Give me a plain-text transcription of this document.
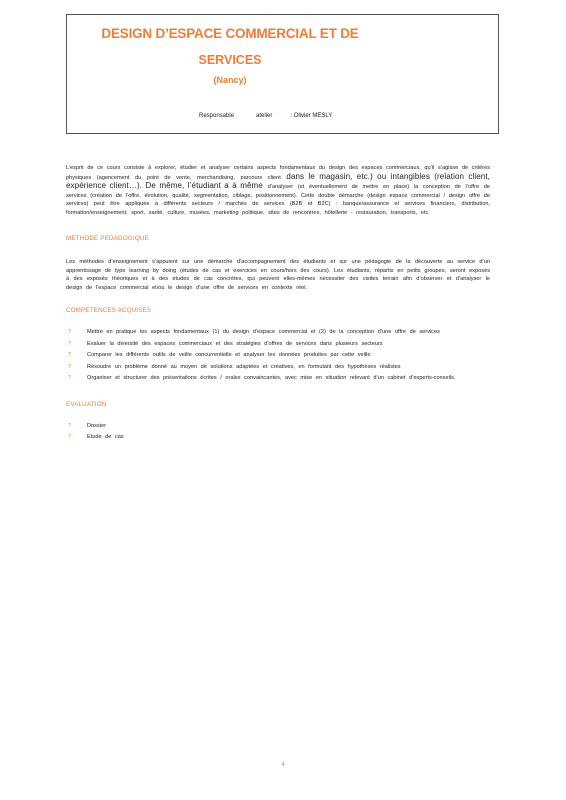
DESIGN D’ESPACE COMMERCIAL ET DE
SERVICES
(Nancy)
Responsable	atelier	: Olivier MESLY

L’esprit de ce cours consiste à explorer, étudier et analyser certains aspects fondamentaux du design des espaces commerciaux, qu’il s’agisse de critères physiques (agencement du point de vente, merchandising, parcours client dans le magasin, etc.) ou intangibles (relation client, expérience client…). De même, l’étudiant a à même d’analyser (et éventuellement de mettre en place) la conception de l’offre de services (création de l’offre, évolution, qualité, segmentation, ciblage, positionnement). Cette double démarche (design espace commercial / design offre de services) peut être appliquée à différents secteurs / marchés de services (B2B et B2C) : banque/assurance et services financiers, distribution, formation/enseignement, sport, santé, culture, musées, marketing politique, sites de rencontres, hôtellerie - restauration, transports, etc.

METHODE PEDAGOGIQUE

Les méthodes d’enseignement s’appuient sur une démarche d’accompagnement des étudiants et sur une pédagogie de la découverte au service d’un apprentissage de type learning by doing (études de cas et exercices en cours/hors des cours). Les étudiants, répartis en petits groupes, seront exposés à des exposés théoriques et à des études de cas concrètes, qui peuvent elles-mêmes nécessiter des visites terrain afin d’observer et d’analyser le design de l’espace commercial et/ou le design d’une offre de services en contexte réel.

COMPETENCES ACQUISES
?	Mettre en pratique les aspects fondamentaux (1) du design d’espace commercial et (2) de la conception d’une offre de services
?	Evaluer la diversité des espaces commerciaux et des stratégies d’offres de services dans plusieurs secteurs
?	Comparer les différents outils de veille concurrentielle et analyser les données produites par cette veille
?	Résoudre un problème donné au moyen de solutions adaptées et créatives, en formulant des hypothèses réalistes
?	Organiser et structurer des présentations écrites / orales convaincantes, avec mise en situation relevant d’un cabinet d’experts-conseils.
EVALUATION
?	Dossier
?	Etude de cas
4
